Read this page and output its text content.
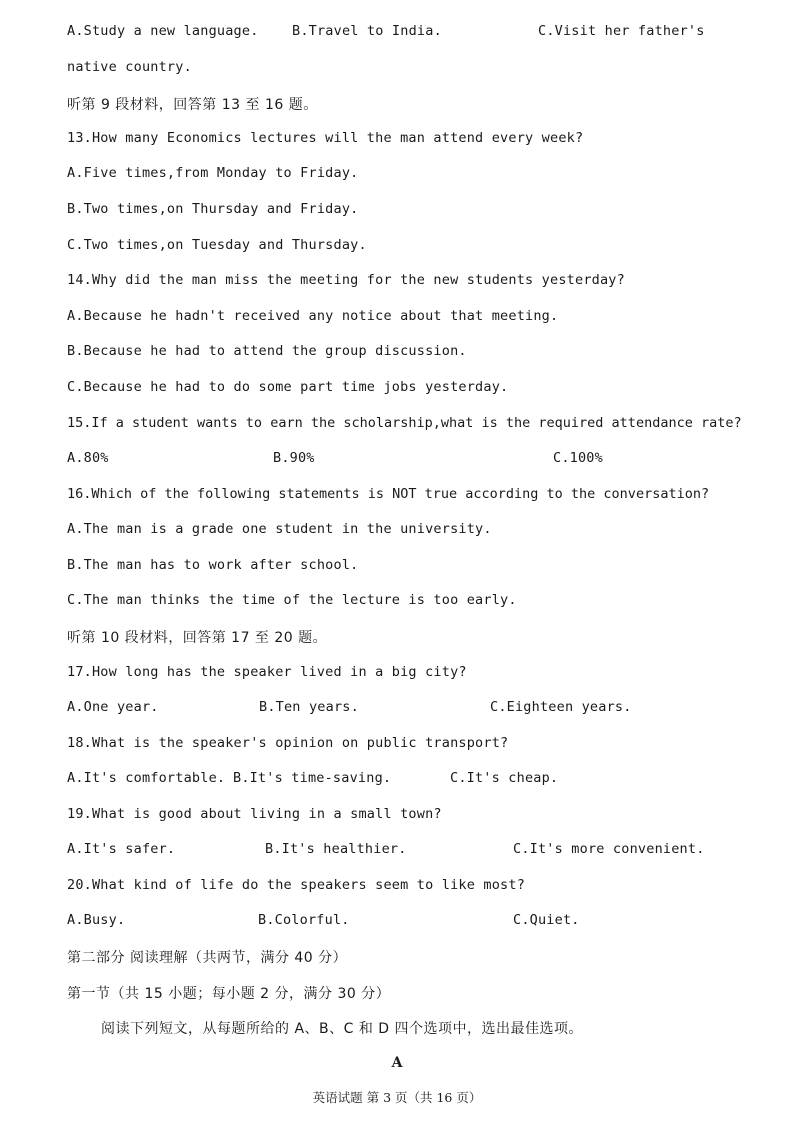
A.Study a new language. B.Travel to India.	C.Visit her father's
native country.
听第 9 段材料，回答第 13 至 16 题。
13.How many Economics lectures will the man attend every week?
A.Five times,from Monday to Friday.
B.Two times,on Thursday and Friday.
C.Two times,on Tuesday and Thursday.
14.Why did the man miss the meeting for the new students yesterday?
A.Because he hadn't received any notice about that meeting.
B.Because he had to attend the group discussion.
C.Because he had to do some part time jobs yesterday.
15.If a student wants to earn the scholarship,what is the required attendance rate?
A.80%	B.90%	C.100%
16.Which of the following statements is NOT true according to the conversation?
A.The man is a grade one student in the university.
B.The man has to work after school.
C.The man thinks the time of the lecture is too early.
听第 10 段材料，回答第 17 至 20 题。
17.How long has the speaker lived in a big city?
A.One year.	B.Ten years.	C.Eighteen years.
18.What is the speaker's opinion on public transport?
A.It's comfortable. B.It's time-saving.	C.It's cheap.
19.What is good about living in a small town?
A.It's safer.	B.It's healthier.	C.It's more convenient.
20.What kind of life do the speakers seem to like most?
A.Busy.	B.Colorful.	C.Quiet.
第二部分 阅读理解（共两节，满分 40 分）
第一节（共 15 小题；每小题 2 分，满分 30 分）
阅读下列短文，从每题所给的 A、B、C 和 D 四个选项中，选出最佳选项。
A
英语试题 第 3 页（共 16 页）
